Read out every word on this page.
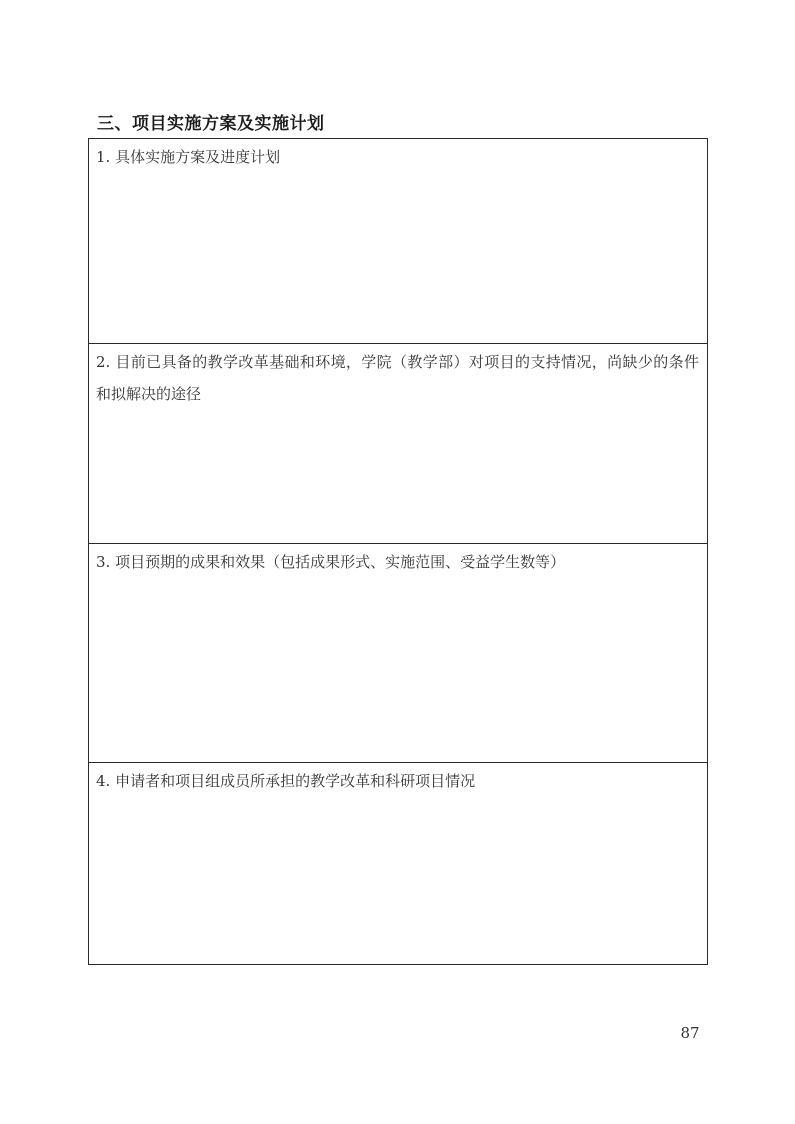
三、项目实施方案及实施计划
1. 具体实施方案及进度计划
2. 目前已具备的教学改革基础和环境，学院（教学部）对项目的支持情况，尚缺少的条件和拟解决的途径
3. 项目预期的成果和效果（包括成果形式、实施范围、受益学生数等）
4. 申请者和项目组成员所承担的教学改革和科研项目情况
87
